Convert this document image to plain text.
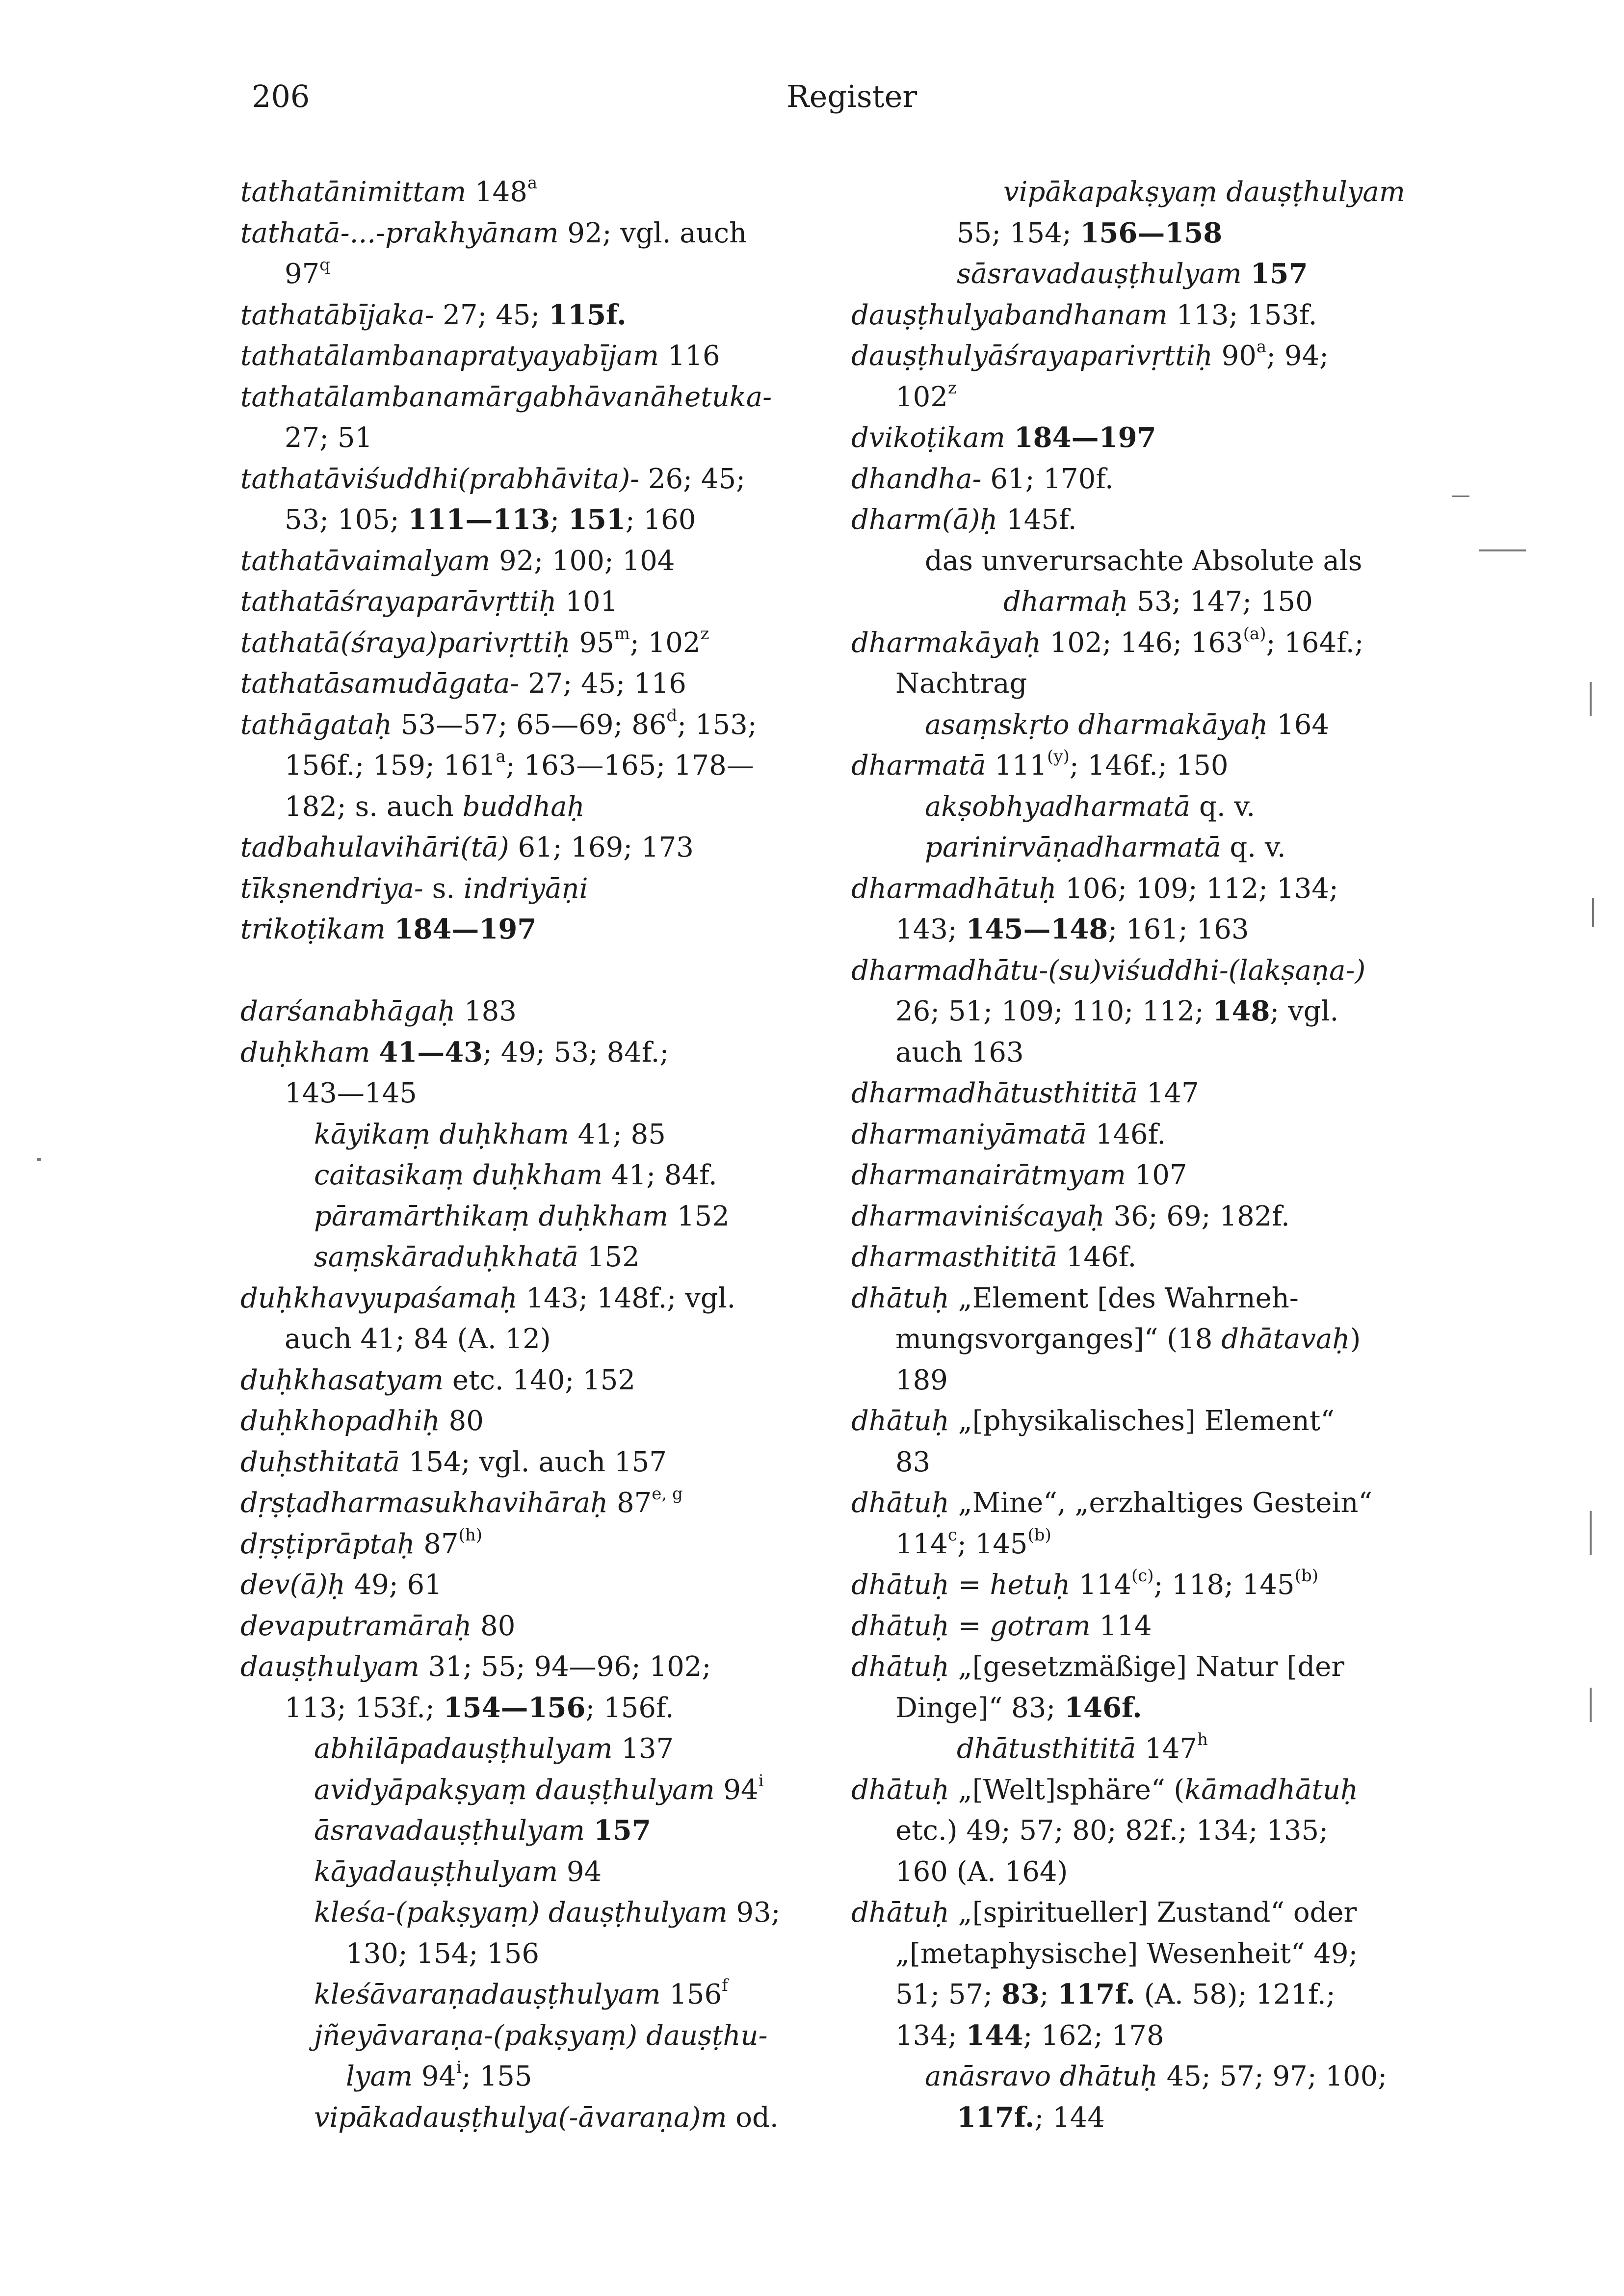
206	Register
tathatānimittam 148$^a$
tathatā-...-prakhyānam 92; vgl. auch
97$^q$
tathatābījaka- 27; 45; 115f.
tathatālambanapratyayabījam 116
tathatālambanamārgabhāvanāhetuka-
27; 51
tathatāviśuddhi(prabhāvita)- 26; 45;
53; 105; 111—113; 151; 160
tathatāvaimalyam 92; 100; 104
tathatāśrayaparāvṛttiḥ 101
tathatā(śraya)parivṛttiḥ 95$^m$; 102$^z$
tathatāsamudāgata- 27; 45; 116
tathāgataḥ 53—57; 65—69; 86$^d$; 153;
156f.; 159; 161$^a$; 163—165; 178—
182; s. auch buddhaḥ
tadbahulavihāri(tā) 61; 169; 173
tīkṣnendriya- s. indriyāṇi
trikoṭikam 184—197
darśanabhāgaḥ 183
duḥkham 41—43; 49; 53; 84f.;
143—145
kāyikaṃ duḥkham 41; 85
caitasikaṃ duḥkham 41; 84f.
pāramārthikaṃ duḥkham 152
saṃskāraduḥkhatā 152
duḥkhavyupaśamaḥ 143; 148f.; vgl.
auch 41; 84 (A. 12)
duḥkhasatyam etc. 140; 152
duḥkhopadhiḥ 80
duḥsthitatā 154; vgl. auch 157
dṛṣṭadharmasukhavihāraḥ 87$^{e, g}$
dṛṣṭiprāptaḥ 87$^{(h)}$
dev(ā)ḥ 49; 61
devaputramāraḥ 80
dauṣṭhulyam 31; 55; 94—96; 102;
113; 153f.; 154—156; 156f.
abhilāpadauṣṭhulyam 137
avidyāpakṣyaṃ dauṣṭhulyam 94$^i$
āsravadauṣṭhulyam 157
kāyadauṣṭhulyam 94
kleśa-(pakṣyaṃ) dauṣṭhulyam 93;
130; 154; 156
kleśāvaraṇadauṣṭhulyam 156$^f$
jñeyāvaraṇa-(pakṣyaṃ) dauṣṭhu-
lyam 94$^i$; 155
vipākadauṣṭhulya(-āvaraṇa)m od.
vipākapakṣyaṃ dauṣṭhulyam
55; 154; 156—158
sāsravadauṣṭhulyam 157
dauṣṭhulyabandhanam 113; 153f.
dauṣṭhulyāśrayaparivṛttiḥ 90$^a$; 94;
102$^z$
dvikoṭikam 184—197
dhandha- 61; 170f.
dharm(ā)ḥ 145f.
das unverursachte Absolute als
dharmaḥ 53; 147; 150
dharmakāyaḥ 102; 146; 163$^{(a)}$; 164f.;
Nachtrag
asaṃskṛto dharmakāyaḥ 164
dharmatā 111$^{(y)}$; 146f.; 150
akṣobhyadharmatā q. v.
parinirvāṇadharmatā q. v.
dharmadhātuḥ 106; 109; 112; 134;
143; 145—148; 161; 163
dharmadhātu-(su)viśuddhi-(lakṣaṇa-)
26; 51; 109; 110; 112; 148; vgl.
auch 163
dharmadhātusthititā 147
dharmaniyāmatā 146f.
dharmanairātmyam 107
dharmaviniścayaḥ 36; 69; 182f.
dharmasthititā 146f.
dhātuḥ „Element [des Wahrneh-
mungsvorganges]“ (18 dhātavaḥ)
189
dhātuḥ „[physikalisches] Element“
83
dhātuḥ „Mine“, „erzhaltiges Gestein“
114$^c$; 145$^{(b)}$
dhātuḥ = hetuḥ 114$^{(c)}$; 118; 145$^{(b)}$
dhātuḥ = gotram 114
dhātuḥ „[gesetzmäßige] Natur [der
Dinge]“ 83; 146f.
dhātusthititā 147$^h$
dhātuḥ „[Welt]sphäre“ (kāmadhātuḥ
etc.) 49; 57; 80; 82f.; 134; 135;
160 (A. 164)
dhātuḥ „[spiritueller] Zustand“ oder
„[metaphysische] Wesenheit“ 49;
51; 57; 83; 117f. (A. 58); 121f.;
134; 144; 162; 178
anāsravo dhātuḥ 45; 57; 97; 100;
117f.; 144
